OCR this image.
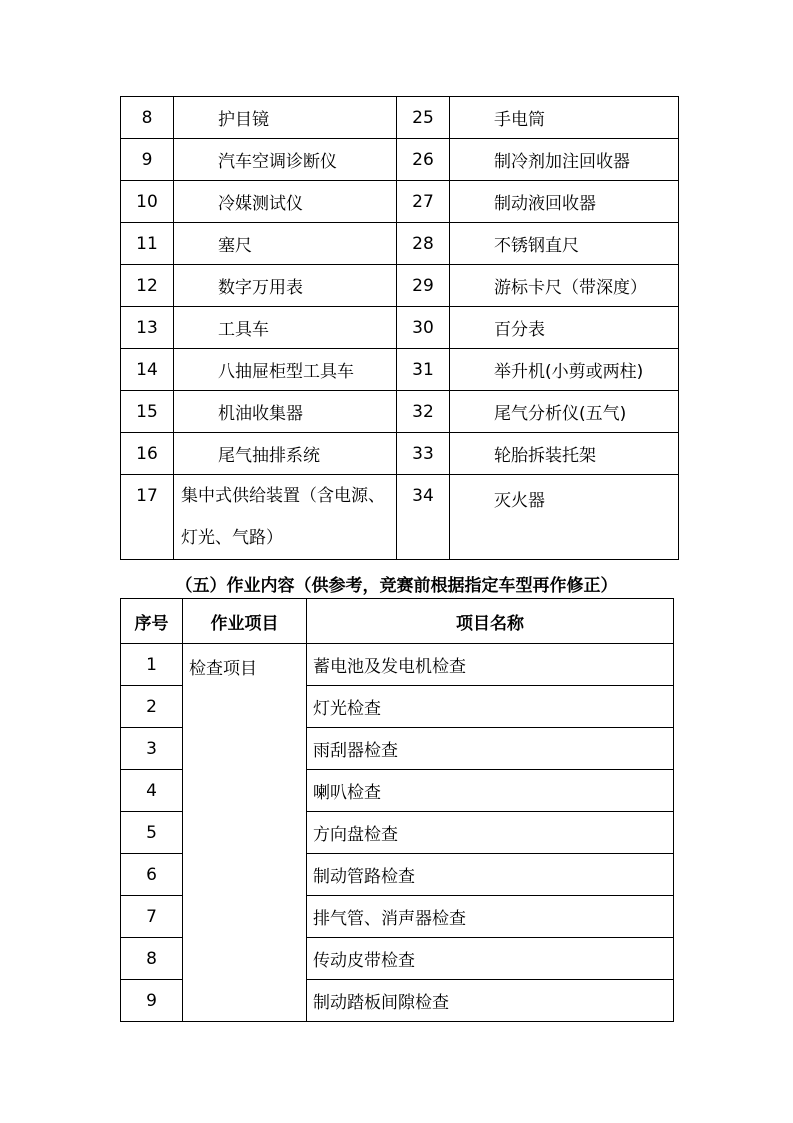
8	护目镜	25	手电筒
9	汽车空调诊断仪	26	制冷剂加注回收器
10	冷媒测试仪	27	制动液回收器
11	塞尺	28	不锈钢直尺
12	数字万用表	29	游标卡尺（带深度）
13	工具车	30	百分表
14	八抽屉柜型工具车	31	举升机(小剪或两柱)
15	机油收集器	32	尾气分析仪(五气)
16	尾气抽排系统	33	轮胎拆装托架
17	集中式供给装置（含电源、灯光、气路）	34	灭火器
（五）作业内容（供参考，竞赛前根据指定车型再作修正）
序号	作业项目	项目名称
1	检查项目	蓄电池及发电机检查
2		灯光检查
3		雨刮器检查
4		喇叭检查
5		方向盘检查
6		制动管路检查
7		排气管、消声器检查
8		传动皮带检查
9		制动踏板间隙检查
